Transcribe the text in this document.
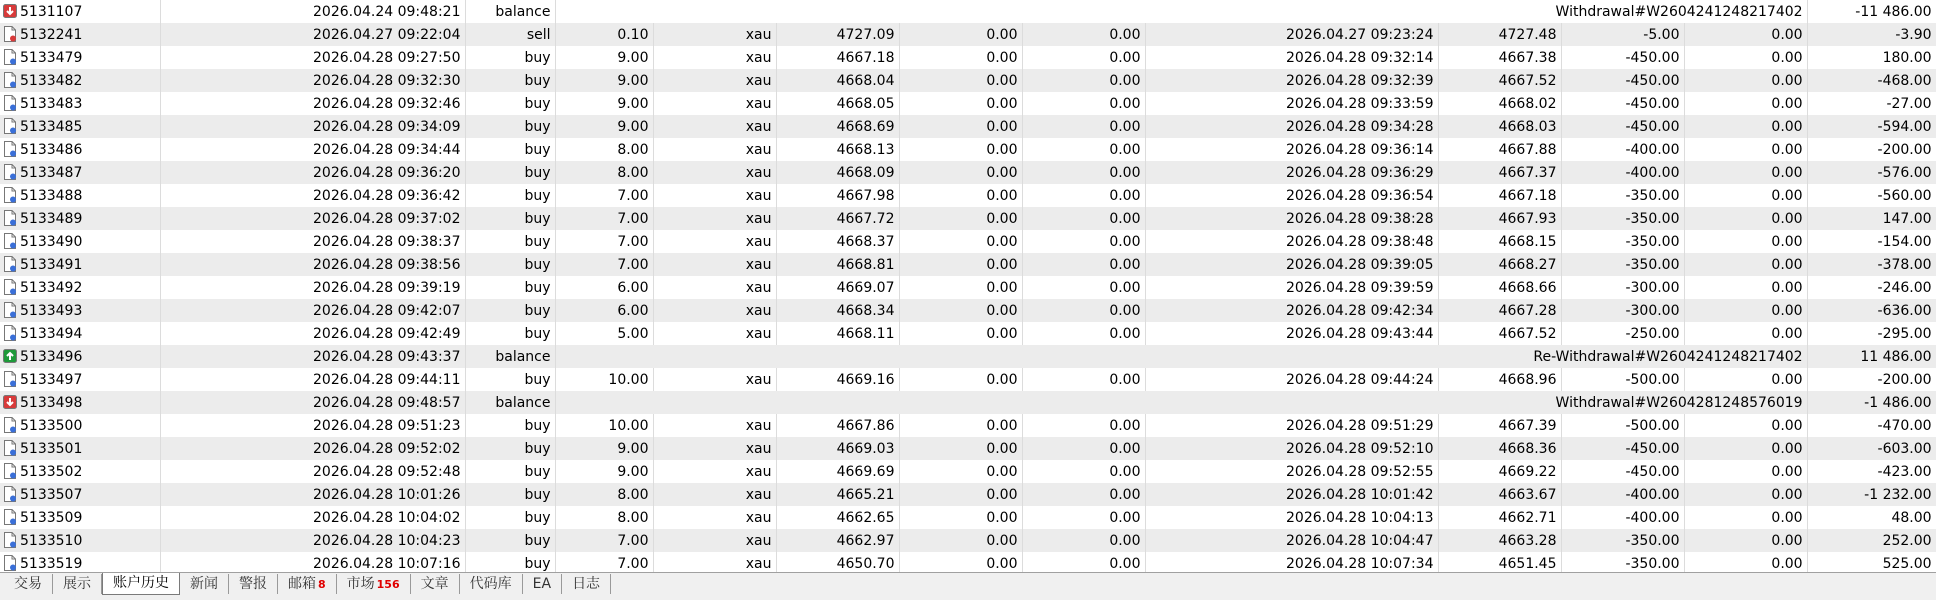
5131107	2026.04.24 09:48:21	balance	Withdrawal#W2604241248217402									-11 486.00

5132241	2026.04.27 09:22:04	sell	0.10	xau	4727.09	0.00	0.00	2026.04.27 09:23:24	4727.48	-5.00	0.00	-3.90

5133479	2026.04.28 09:27:50	buy	9.00	xau	4667.18	0.00	0.00	2026.04.28 09:32:14	4667.38	-450.00	0.00	180.00

5133482	2026.04.28 09:32:30	buy	9.00	xau	4668.04	0.00	0.00	2026.04.28 09:32:39	4667.52	-450.00	0.00	-468.00

5133483	2026.04.28 09:32:46	buy	9.00	xau	4668.05	0.00	0.00	2026.04.28 09:33:59	4668.02	-450.00	0.00	-27.00

5133485	2026.04.28 09:34:09	buy	9.00	xau	4668.69	0.00	0.00	2026.04.28 09:34:28	4668.03	-450.00	0.00	-594.00

5133486	2026.04.28 09:34:44	buy	8.00	xau	4668.13	0.00	0.00	2026.04.28 09:36:14	4667.88	-400.00	0.00	-200.00

5133487	2026.04.28 09:36:20	buy	8.00	xau	4668.09	0.00	0.00	2026.04.28 09:36:29	4667.37	-400.00	0.00	-576.00

5133488	2026.04.28 09:36:42	buy	7.00	xau	4667.98	0.00	0.00	2026.04.28 09:36:54	4667.18	-350.00	0.00	-560.00

5133489	2026.04.28 09:37:02	buy	7.00	xau	4667.72	0.00	0.00	2026.04.28 09:38:28	4667.93	-350.00	0.00	147.00

5133490	2026.04.28 09:38:37	buy	7.00	xau	4668.37	0.00	0.00	2026.04.28 09:38:48	4668.15	-350.00	0.00	-154.00

5133491	2026.04.28 09:38:56	buy	7.00	xau	4668.81	0.00	0.00	2026.04.28 09:39:05	4668.27	-350.00	0.00	-378.00

5133492	2026.04.28 09:39:19	buy	6.00	xau	4669.07	0.00	0.00	2026.04.28 09:39:59	4668.66	-300.00	0.00	-246.00

5133493	2026.04.28 09:42:07	buy	6.00	xau	4668.34	0.00	0.00	2026.04.28 09:42:34	4667.28	-300.00	0.00	-636.00

5133494	2026.04.28 09:42:49	buy	5.00	xau	4668.11	0.00	0.00	2026.04.28 09:43:44	4667.52	-250.00	0.00	-295.00

5133496	2026.04.28 09:43:37	balance	Re-Withdrawal#W2604241248217402									11 486.00

5133497	2026.04.28 09:44:11	buy	10.00	xau	4669.16	0.00	0.00	2026.04.28 09:44:24	4668.96	-500.00	0.00	-200.00

5133498	2026.04.28 09:48:57	balance	Withdrawal#W2604281248576019									-1 486.00

5133500	2026.04.28 09:51:23	buy	10.00	xau	4667.86	0.00	0.00	2026.04.28 09:51:29	4667.39	-500.00	0.00	-470.00

5133501	2026.04.28 09:52:02	buy	9.00	xau	4669.03	0.00	0.00	2026.04.28 09:52:10	4668.36	-450.00	0.00	-603.00

5133502	2026.04.28 09:52:48	buy	9.00	xau	4669.69	0.00	0.00	2026.04.28 09:52:55	4669.22	-450.00	0.00	-423.00

5133507	2026.04.28 10:01:26	buy	8.00	xau	4665.21	0.00	0.00	2026.04.28 10:01:42	4663.67	-400.00	0.00	-1 232.00

5133509	2026.04.28 10:04:02	buy	8.00	xau	4662.65	0.00	0.00	2026.04.28 10:04:13	4662.71	-400.00	0.00	48.00

5133510	2026.04.28 10:04:23	buy	7.00	xau	4662.97	0.00	0.00	2026.04.28 10:04:47	4663.28	-350.00	0.00	252.00

5133519	2026.04.28 10:07:16	buy	7.00	xau	4650.70	0.00	0.00	2026.04.28 10:07:34	4651.45	-350.00	0.00	525.00
交易	展示	账户历史	新闻	警报	邮箱 8	市场 156	文章	代码库	EA	日志
